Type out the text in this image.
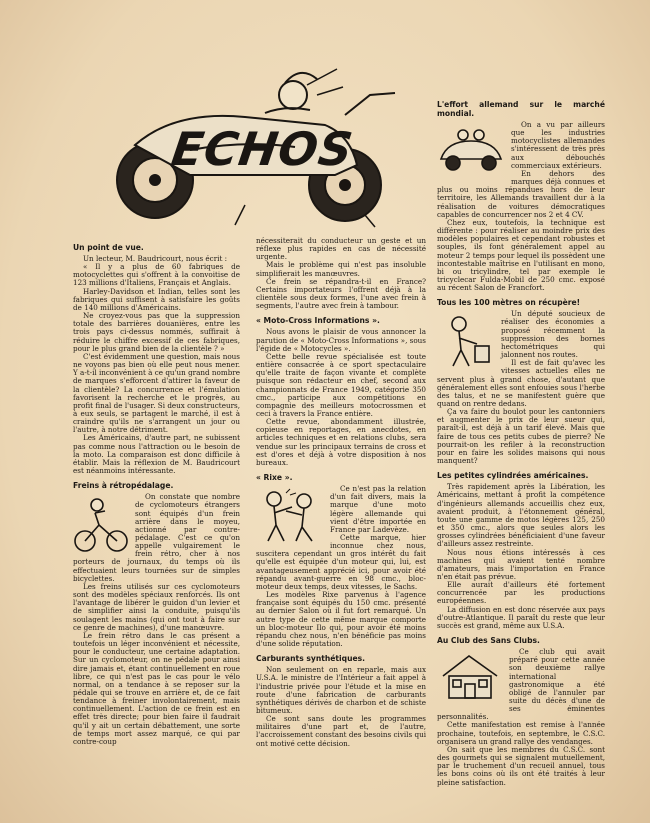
ECHOS
Un point de vue.

Un lecteur, M. Baudricourt, nous écrit :

« Il y a plus de 60 fabriques de motocyclettes qui s'offrent à la convoitise de 123 millions d'Italiens, Français et Anglais.

Harley-Davidson et Indian, telles sont les fabriques qui suffisent à satisfaire les goûts de 140 millions d'Américains.

Ne croyez-vous pas que la suppression totale des barrières douanières, entre les trois pays ci-dessus nommés, suffirait à réduire le chiffre excessif de ces fabriques, pour le plus grand bien de la clientèle ? »

C'est évidemment une question, mais nous ne voyons pas bien où elle peut nous mener. Y a-t-il inconvénient à ce qu'un grand nombre de marques s'efforcent d'attirer la faveur de la clientèle? La concurrence et l'émulation favorisent la recherche et le progrès, au profit final de l'usager. Si deux constructeurs, à eux seuls, se partagent le marché, il est à craindre qu'ils ne s'arrangent un jour ou l'autre, à notre détriment.

Les Américains, d'autre part, ne subissent pas comme nous l'attraction ou le besoin de la moto. La comparaison est donc difficile à établir. Mais la réflexion de M. Baudricourt est néanmoins intéressante.

Freins à rétropédalage.

On constate que nombre de cyclomoteurs étrangers sont équipés d'un frein arrière dans le moyeu, actionné par contre-pédalage. C'est ce qu'on appelle vulgairement le frein rétro, cher à nos porteurs de journaux, du temps où ils effectuaient leurs tournées sur de simples bicyclettes.

Les freins utilisés sur ces cyclomoteurs sont des modèles spéciaux renforcés. Ils ont l'avantage de libérer le guidon d'un levier et de simplifier ainsi la conduite, puisqu'ils soulagent les mains (qui ont tout à faire sur ce genre de machines), d'une manœuvre.

Le frein rétro dans le cas présent a toutefois un léger inconvénient et nécessite, pour le conducteur, une certaine adaptation. Sur un cyclomoteur, on ne pédale pour ainsi dire jamais et, étant continuellement en roue libre, ce qui n'est pas le cas pour le vélo normal, on a tendance à se reposer sur la pédale qui se trouve en arrière et, de ce fait tendance à freiner involontairement, mais continuellement. L'action de ce frein est en effet très directe; pour bien faire il faudrait qu'il y ait un certain débattement, une sorte de temps mort assez marqué, ce qui par contre-coup

nécessiterait du conducteur un geste et un réflexe plus rapides en cas de nécessité urgente.

Mais le problème qui n'est pas insoluble simplifierait les manœuvres.

Ce frein se répandra-t-il en France? Certains importateurs l'offrent déjà à la clientèle sous deux formes, l'une avec frein à segments, l'autre avec frein à tambour.

« Moto-Cross Informations ».

Nous avons le plaisir de vous annoncer la parution de « Moto-Cross Informations », sous l'égide de « Motocycles ».

Cette belle revue spécialisée est toute entière consacrée à ce sport spectaculaire qu'elle traite de façon vivante et complète puisque son rédacteur en chef, second aux championnats de France 1949, catégorie 350 cmc., participe aux compétitions en compagnie des meilleurs motocrossmen et ceci à travers la France entière.

Cette revue, abondamment illustrée, copieuse en reportages, en anecdotes, en articles techniques et en relations clubs, sera vendue sur les principaux terrains de cross et est d'ores et déjà à votre disposition à nos bureaux.

« Rixe ».

Ce n'est pas la relation d'un fait divers, mais la marque d'une moto légère allemande qui vient d'être importée en France par Ladevèze.

Cette marque, hier inconnue chez nous, suscitera cependant un gros intérêt du fait qu'elle est équipée d'un moteur qui, lui, est avantageusement apprécié ici, pour avoir été répandu avant-guerre en 98 cmc., bloc-moteur deux temps, deux vitesses, le Sachs.

Les modèles Rixe parvenus à l'agence française sont équipés du 150 cmc. présenté au dernier Salon où il fut fort remarqué. Un autre type de cette même marque comporte un bloc-moteur Ilo qui, pour avoir été moins répandu chez nous, n'en bénéficie pas moins d'une solide réputation.

Carburants synthétiques.

Non seulement on en reparle, mais aux U.S.A. le ministre de l'Intérieur a fait appel à l'industrie privée pour l'étude et la mise en route d'une fabrication de carburants synthétiques dérivés de charbon et de schiste bitumeux.

Ce sont sans doute les programmes militaires d'une part et, de l'autre, l'accroissement constant des besoins civils qui ont motivé cette décision.

L'effort allemand sur le marché mondial.

On a vu par ailleurs que les industries motocyclistes allemandes s'intéressent de très près aux débouchés commerciaux extérieurs.

En dehors des marques déjà connues et plus ou moins répandues hors de leur territoire, les Allemands travaillent dur à la réalisation de voitures démocratiques capables de concurrencer nos 2 et 4 CV.

Chez eux, toutefois, la technique est différente : pour réaliser au moindre prix des modèles populaires et cependant robustes et souples, ils font généralement appel au moteur 2 temps pour lequel ils possèdent une incontestable maîtrise en l'utilisant en mono, bi ou tricylindre, tel par exemple le tricyclecar Fulda-Mobil de 250 cmc. exposé au récent Salon de Francfort.

Tous les 100 mètres on récupère!

Un député soucieux de réaliser des économies a proposé récemment la suppression des bornes hectométriques qui jalonnent nos routes.

Il est de fait qu'avec les vitesses actuelles elles ne servent plus à grand chose, d'autant que généralement elles sont enfouies sous l'herbe des talus, et ne se manifestent guère que quand on rentre dedans.

Ça va faire du boulot pour les cantonniers et augmenter le prix de leur sueur qui, paraît-il, est déjà à un tarif élevé. Mais que faire de tous ces petits cubes de pierre? Ne pourrait-on les refiler à la reconstruction pour en faire les solides maisons qui nous manquent?

Les petites cylindrées américaines.

Très rapidement après la Libération, les Américains, mettant à profit la compétence d'ingénieurs allemands accueillis chez eux, avaient produit, à l'étonnement général, toute une gamme de motos légères 125, 250 et 350 cmc., alors que seules alors les grosses cylindrées bénéficiaient d'une faveur d'ailleurs assez restreinte.

Nous nous étions intéressés à ces machines qui avaient tenté nombre d'amateurs, mais l'importation en France n'en était pas prévue.

Elle aurait d'ailleurs été fortement concurrencée par les productions européennes.

La diffusion en est donc réservée aux pays d'outre-Atlantique. Il paraît du reste que leur succès est grand, même aux U.S.A.

Au Club des Sans Clubs.

Ce club qui avait préparé pour cette année son deuxième rallye international gastronomique a été obligé de l'annuler par suite du décès d'une de ses éminentes personnalités.

Cette manifestation est remise à l'année prochaine, toutefois, en septembre, le C.S.C. organisera un grand rallye des vendanges.

On sait que les membres du C.S.C. sont des gourmets qui se signalent mutuellement, par le truchement d'un recueil annuel, tous les bons coins où ils ont été traités à leur pleine satisfaction.
